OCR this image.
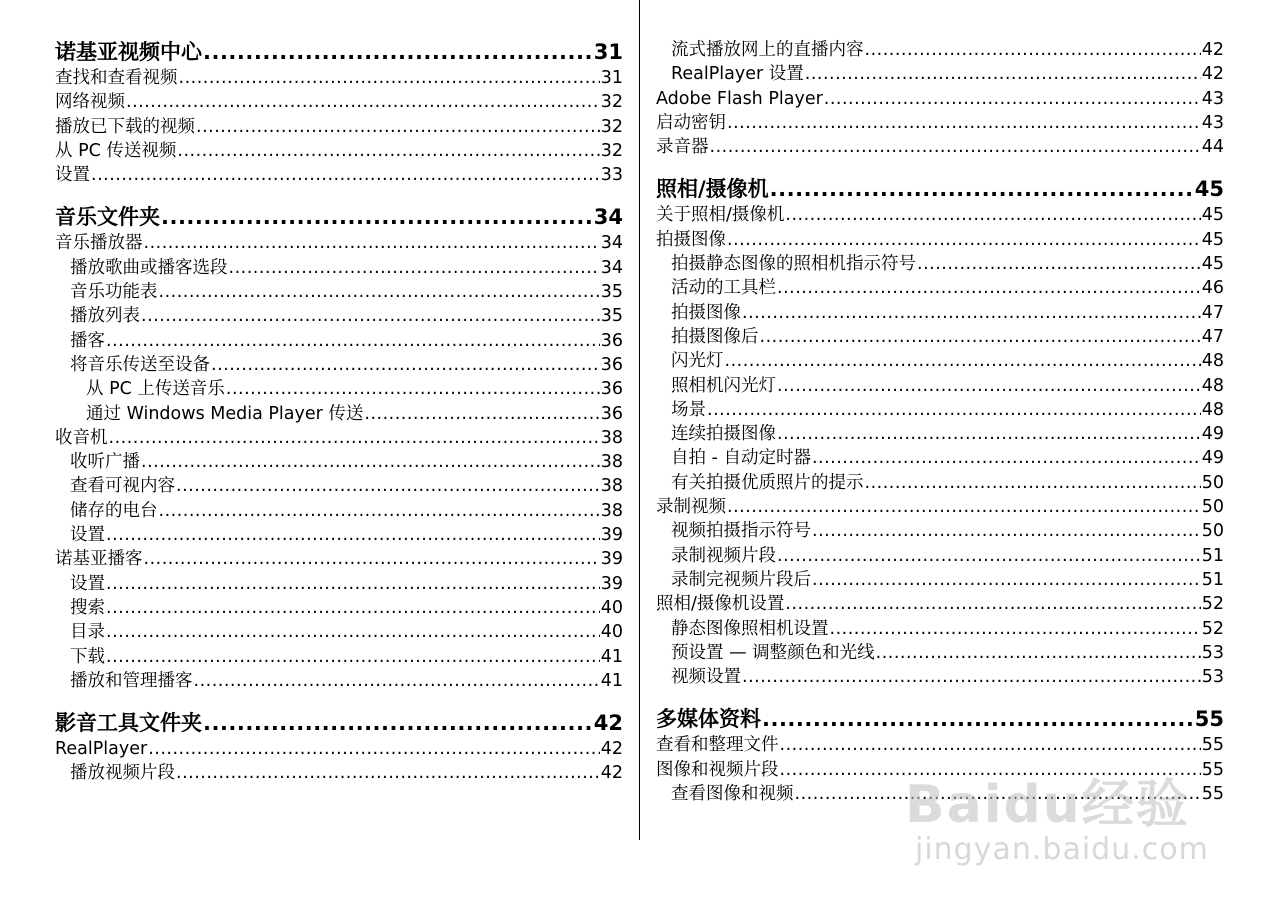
诺基亚视频中心 .....	31
查找和查看视频 .....	31
网络视频 .....	32
播放已下载的视频 .....	32
从 PC 传送视频 .....	32
设置 .....	33
音乐文件夹 .....	34
音乐播放器 .....	34
播放歌曲或播客选段 .....	34
音乐功能表 .....	35
播放列表 .....	35
播客 .....	36
将音乐传送至设备 .....	36
从 PC 上传送音乐 .....	36
通过 Windows Media Player 传送 .....	36
收音机 .....	38
收听广播 .....	38
查看可视内容 .....	38
储存的电台 .....	38
设置 .....	39
诺基亚播客 .....	39
设置 .....	39
搜索 .....	40
目录 .....	40
下载 .....	41
播放和管理播客 .....	41
影音工具文件夹 .....	42
RealPlayer .....	42
播放视频片段 .....	42
流式播放网上的直播内容 .....	42
RealPlayer 设置 .....	42
Adobe Flash Player .....	43
启动密钥 .....	43
录音器 .....	44
照相/摄像机 .....	45
关于照相/摄像机 .....	45
拍摄图像 .....	45
拍摄静态图像的照相机指示符号 .....	45
活动的工具栏 .....	46
拍摄图像 .....	47
拍摄图像后 .....	47
闪光灯 .....	48
照相机闪光灯 .....	48
场景 .....	48
连续拍摄图像 .....	49
自拍 - 自动定时器 .....	49
有关拍摄优质照片的提示 .....	50
录制视频 .....	50
视频拍摄指示符号 .....	50
录制视频片段 .....	51
录制完视频片段后 .....	51
照相/摄像机设置 .....	52
静态图像照相机设置 .....	52
预设置 — 调整颜色和光线 .....	53
视频设置 .....	53
多媒体资料 .....	55
查看和整理文件 .....	55
图像和视频片段 .....	55
查看图像和视频 .....	55
Baidu经验
jingyan.baidu.com
